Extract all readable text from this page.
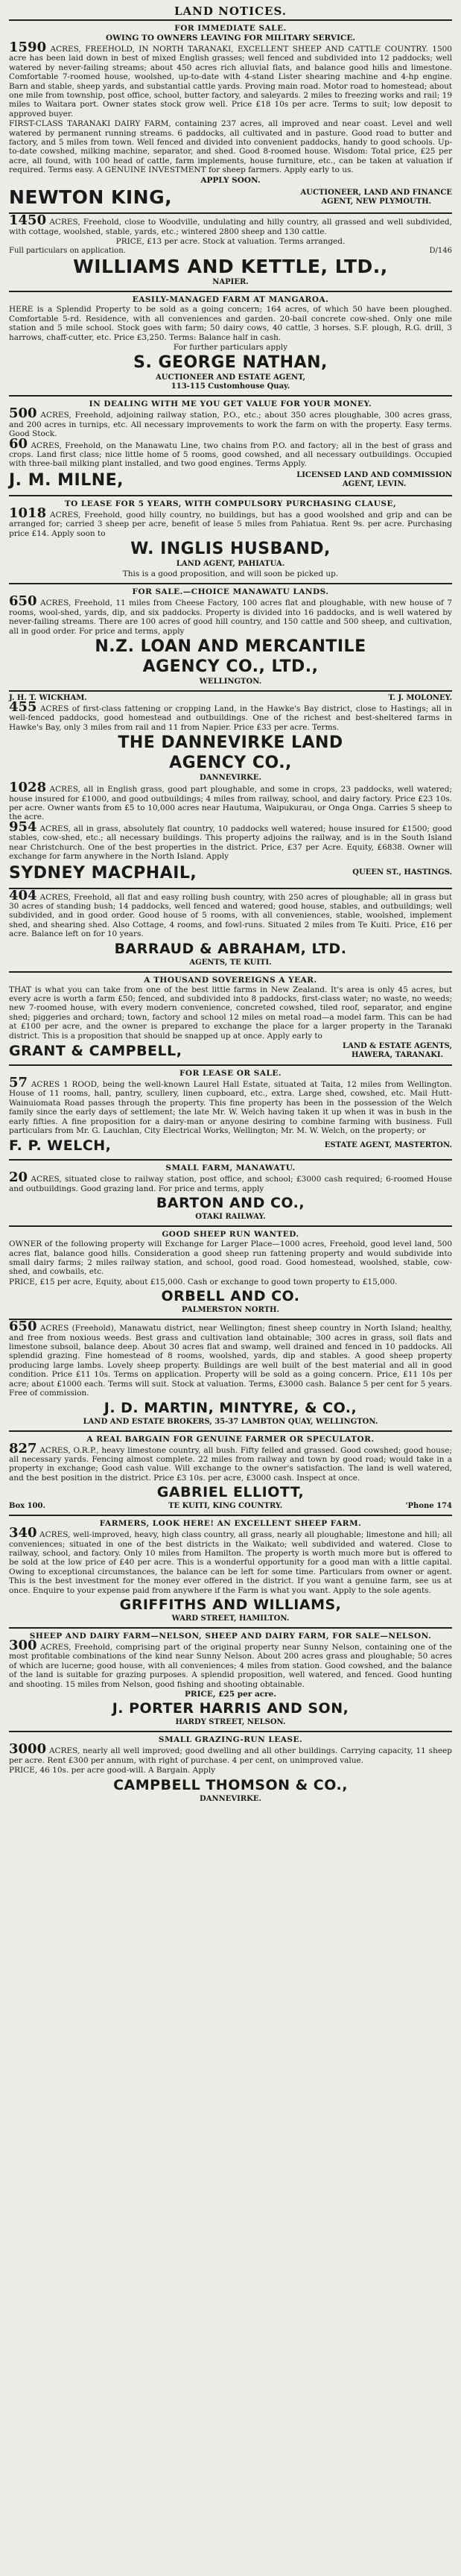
LAND NOTICES.
FOR IMMEDIATE SALE.
OWING TO OWNERS LEAVING FOR MILITARY SERVICE.

1590 ACRES, FREEHOLD, IN NORTH TARANAKI, EXCELLENT SHEEP AND CATTLE COUNTRY. 1500 acre has been laid down in best of mixed English grasses; well fenced and subdivided into 12 paddocks; well watered by never-failing streams; about 450 acres rich alluvial flats, and balance good hills and limestone. Comfortable 7-roomed house, woolshed, up-to-date with 4-stand Lister shearing machine and 4-hp engine. Barn and stable, sheep yards, and substantial cattle yards. Proving main road. Motor road to homestead; about one mile from township, post office, school, butter factory, and saleyards. 2 miles to freezing works and rail; 19 miles to Waitara port. Owner states stock grow well. Price £18 10s per acre. Terms to suit; low deposit to approved buyer.

FIRST-CLASS TARANAKI DAIRY FARM, containing 237 acres, all improved and near coast. Level and well watered by permanent running streams. 6 paddocks, all cultivated and in pasture. Good road to butter and factory, and 5 miles from town. Well fenced and divided into convenient paddocks, handy to good schools. Up-to-date cowshed, milking machine, separator, and shed. Good 8-roomed house. Wisdom: Total price, £25 per acre, all found, with 100 head of cattle, farm implements, house furniture, etc., can be taken at valuation if required. Terms easy. A GENUINE INVESTMENT for sheep farmers. Apply early to us.

APPLY SOON.

NEWTON KING,	AUCTIONEER, LAND AND FINANCE
AGENT, NEW PLYMOUTH.

1450 ACRES, Freehold, close to Woodville, undulating and hilly country, all grassed and well subdivided, with cottage, woolshed, stable, yards, etc.; wintered 2800 sheep and 130 cattle.

PRICE, £13 per acre. Stock at valuation. Terms arranged.

Full particulars on application.	D/146
WILLIAMS AND KETTLE, LTD.,
NAPIER.
EASILY-MANAGED FARM AT MANGAROA.

HERE is a Splendid Property to be sold as a going concern; 164 acres, of which 50 have been ploughed. Comfortable 5-rd. Residence, with all conveniences and garden. 20-bail concrete cow-shed. Only one mile station and 5 mile school. Stock goes with farm; 50 dairy cows, 40 cattle, 3 horses. S.F. plough, R.G. drill, 3 harrows, chaff-cutter, etc. Price £3,250. Terms: Balance half in cash.

For further particulars apply

S. GEORGE NATHAN,
AUCTIONEER AND ESTATE AGENT,
113-115 Customhouse Quay.
IN DEALING WITH ME YOU GET VALUE FOR YOUR MONEY.

500 ACRES, Freehold, adjoining railway station, P.O., etc.; about 350 acres ploughable, 300 acres grass, and 200 acres in turnips, etc. All necessary improvements to work the farm on with the property. Easy terms. Good Stock.

60 ACRES, Freehold, on the Manawatu Line, two chains from P.O. and factory; all in the best of grass and crops. Land first class; nice little home of 5 rooms, good cowshed, and all necessary outbuildings. Occupied with three-bail milking plant installed, and two good engines. Terms Apply.

J. M. MILNE,	LICENSED LAND AND COMMISSION
AGENT, LEVIN.
TO LEASE FOR 5 YEARS, WITH COMPULSORY PURCHASING CLAUSE,

1018 ACRES, Freehold, good hilly country, no buildings, but has a good woolshed and grip and can be arranged for; carried 3 sheep per acre, benefit of lease 5 miles from Pahiatua. Rent 9s. per acre. Purchasing price £14. Apply soon to

W. INGLIS HUSBAND,
LAND AGENT, PAHIATUA.

This is a good proposition, and will soon be picked up.

FOR SALE.—CHOICE MANAWATU LANDS.

650 ACRES, Freehold, 11 miles from Cheese Factory, 100 acres flat and ploughable, with new house of 7 rooms, wool-shed, yards, dip, and six paddocks. Property is divided into 16 paddocks, and is well watered by never-failing streams. There are 100 acres of good hill country, and 150 cattle and 500 sheep, and cultivation, all in good order. For price and terms, apply

N.Z. LOAN AND MERCANTILE
AGENCY CO., LTD.,
WELLINGTON.
J. H. T. WICKHAM.	T. J. MOLONEY.

455 ACRES of first-class fattening or cropping Land, in the Hawke's Bay district, close to Hastings; all in well-fenced paddocks, good homestead and outbuildings. One of the richest and best-sheltered farms in Hawke's Bay, only 3 miles from rail and 11 from Napier. Price £33 per acre. Terms.

THE DANNEVIRKE LAND
AGENCY CO.,
DANNEVIRKE.

1028 ACRES, all in English grass, good part ploughable, and some in crops, 23 paddocks, well watered; house insured for £1000, and good outbuildings; 4 miles from railway, school, and dairy factory. Price £23 10s. per acre. Owner wants from £5 to 10,000 acres near Hautuma, Waipukurau, or Onga Onga. Carries 5 sheep to the acre.

954 ACRES, all in grass, absolutely flat country, 10 paddocks well watered; house insured for £1500; good stables, cow-shed, etc.; all necessary buildings. This property adjoins the railway, and is in the South Island near Christchurch. One of the best properties in the district. Price, £37 per Acre. Equity, £6838. Owner will exchange for farm anywhere in the North Island. Apply

SYDNEY MACPHAIL,	QUEEN ST., HASTINGS.

404 ACRES, Freehold, all flat and easy rolling bush country, with 250 acres of ploughable; all in grass but 30 acres of standing bush; 14 paddocks, well fenced and watered; good house, stables, and outbuildings; well subdivided, and in good order. Good house of 5 rooms, with all conveniences, stable, woolshed, implement shed, and shearing shed. Also Cottage, 4 rooms, and fowl-runs. Situated 2 miles from Te Kuiti. Price, £16 per acre. Balance left on for 10 years.

BARRAUD & ABRAHAM, LTD.
AGENTS, TE KUITI.
A THOUSAND SOVEREIGNS A YEAR.

THAT is what you can take from one of the best little farms in New Zealand. It's area is only 45 acres, but every acre is worth a farm £50; fenced, and subdivided into 8 paddocks, first-class water; no waste, no weeds; new 7-roomed house, with every modern convenience, concreted cowshed, tiled roof, separator, and engine shed; piggeries and orchard; town, factory and school 12 miles on metal road—a model farm. This can be had at £100 per acre, and the owner is prepared to exchange the place for a larger property in the Taranaki district. This is a proposition that should be snapped up at once. Apply early to

GRANT & CAMPBELL,	LAND & ESTATE AGENTS,
HAWERA, TARANAKI.
FOR LEASE OR SALE.

57 ACRES 1 ROOD, being the well-known Laurel Hall Estate, situated at Taita, 12 miles from Wellington. House of 11 rooms, hall, pantry, scullery, linen cupboard, etc., extra. Large shed, cowshed, etc. Mail Hutt-Wainuiomata Road passes through the property. This fine property has been in the possession of the Welch family since the early days of settlement; the late Mr. W. Welch having taken it up when it was in bush in the early fifties. A fine proposition for a dairy-man or anyone desiring to combine farming with business. Full particulars from Mr. G. Lauchlan, City Electrical Works, Wellington; Mr. M. W. Welch, on the property; or

F. P. WELCH,	ESTATE AGENT, MASTERTON.
SMALL FARM, MANAWATU.

20 ACRES, situated close to railway station, post office, and school; £3000 cash required; 6-roomed House and outbuildings. Good grazing land. For price and terms, apply

BARTON AND CO.,
OTAKI RAILWAY.
GOOD SHEEP RUN WANTED.

OWNER of the following property will Exchange for Larger Place—1000 acres, Freehold, good level land, 500 acres flat, balance good hills. Consideration a good sheep run fattening property and would subdivide into small dairy farms; 2 miles railway station, and school, good road. Good homestead, woolshed, stable, cow-shed, and cowbails, etc.

PRICE, £15 per acre, Equity, about £15,000. Cash or exchange to good town property to £15,000.

ORBELL AND CO.
PALMERSTON NORTH.

650 ACRES (Freehold), Manawatu district, near Wellington; finest sheep country in North Island; healthy, and free from noxious weeds. Best grass and cultivation land obtainable; 300 acres in grass, soil flats and limestone subsoil, balance deep. About 30 acres flat and swamp, well drained and fenced in 10 paddocks. All splendid grazing. Fine homestead of 8 rooms, woolshed, yards, dip and stables. A good sheep property producing large lambs. Lovely sheep property. Buildings are well built of the best material and all in good condition. Price £11 10s. Terms on application. Property will be sold as a going concern. Price, £11 10s per acre; about £1000 each. Terms will suit. Stock at valuation. Terms, £3000 cash. Balance 5 per cent for 5 years. Free of commission.

J. D. MARTIN, MINTYRE, & CO.,
LAND AND ESTATE BROKERS, 35-37 LAMBTON QUAY, WELLINGTON.
A REAL BARGAIN FOR GENUINE FARMER OR SPECULATOR.

827 ACRES, O.R.P., heavy limestone country, all bush. Fifty felled and grassed. Good cowshed; good house; all necessary yards. Fencing almost complete. 22 miles from railway and town by good road; would take in a property in exchange; Good cash value. Will exchange to the owner's satisfaction. The land is well watered, and the best position in the district. Price £3 10s. per acre, £3000 cash. Inspect at once.

GABRIEL ELLIOTT,
Box 100.	TE KUITI, KING COUNTRY.	'Phone 174
FARMERS, LOOK HERE! AN EXCELLENT SHEEP FARM.

340 ACRES, well-improved, heavy, high class country, all grass, nearly all ploughable; limestone and hill; all conveniences; situated in one of the best districts in the Waikato; well subdivided and watered. Close to railway, school, and factory. Only 10 miles from Hamilton. The property is worth much more but is offered to be sold at the low price of £40 per acre. This is a wonderful opportunity for a good man with a little capital. Owing to exceptional circumstances, the balance can be left for some time. Particulars from owner or agent. This is the best investment for the money ever offered in the district. If you want a genuine farm, see us at once. Enquire to your expense paid from anywhere if the Farm is what you want. Apply to the sole agents.

GRIFFITHS AND WILLIAMS,
WARD STREET, HAMILTON.
SHEEP AND DAIRY FARM—NELSON, SHEEP AND DAIRY FARM, FOR SALE—NELSON.

300 ACRES, Freehold, comprising part of the original property near Sunny Nelson, containing one of the most profitable combinations of the kind near Sunny Nelson. About 200 acres grass and ploughable; 50 acres of which are lucerne; good house, with all conveniences; 4 miles from station. Good cowshed, and the balance of the land is suitable for grazing purposes. A splendid proposition, well watered, and fenced. Good hunting and shooting. 15 miles from Nelson, good fishing and shooting obtainable.

PRICE, £25 per acre.

J. PORTER HARRIS AND SON,
HARDY STREET, NELSON.
SMALL GRAZING-RUN LEASE.

3000 ACRES, nearly all well improved; good dwelling and all other buildings. Carrying capacity, 11 sheep per acre. Rent £300 per annum, with right of purchase. 4 per cent, on unimproved value.

PRICE, 46 10s. per acre good-will. A Bargain. Apply

CAMPBELL THOMSON & CO.,
DANNEVIRKE.
